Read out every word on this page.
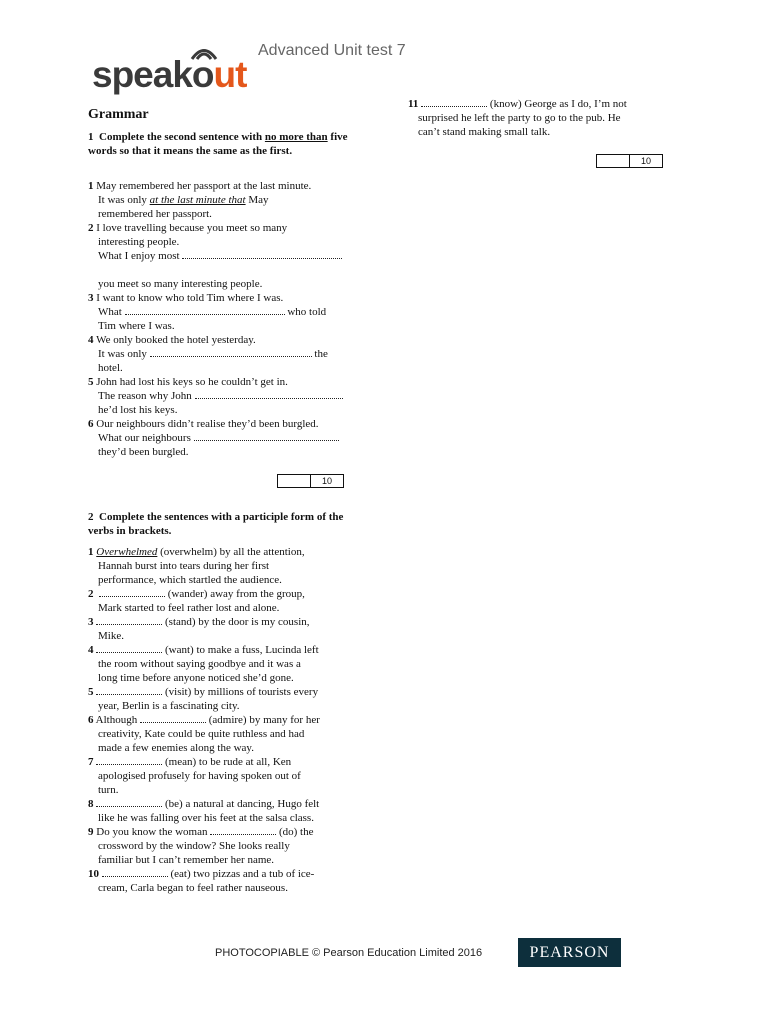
speakout
Advanced Unit test 7
Grammar
1 Complete the second sentence with no more than five words so that it means the same as the first.
1 May remembered her passport at the last minute.
It was only at the last minute that May
remembered her passport.
2 I love travelling because you meet so many
interesting people.
What I enjoy most
you meet so many interesting people.
3 I want to know who told Tim where I was.
What	who told
Tim where I was.
4 We only booked the hotel yesterday.
It was only	the
hotel.
5 John had lost his keys so he couldn’t get in.
The reason why John
he’d lost his keys.
6 Our neighbours didn’t realise they’d been burgled.
What our neighbours
they’d been burgled.
10
2 Complete the sentences with a participle form of the verbs in brackets.
1 Overwhelmed (overwhelm) by all the attention,
Hannah burst into tears during her first
performance, which startled the audience.
2	(wander) away from the group,
Mark started to feel rather lost and alone.
3	(stand) by the door is my cousin,
Mike.
4	(want) to make a fuss, Lucinda left
the room without saying goodbye and it was a
long time before anyone noticed she’d gone.
5	(visit) by millions of tourists every
year, Berlin is a fascinating city.
6 Although	(admire) by many for her
creativity, Kate could be quite ruthless and had
made a few enemies along the way.
7	(mean) to be rude at all, Ken
apologised profusely for having spoken out of
turn.
8	(be) a natural at dancing, Hugo felt
like he was falling over his feet at the salsa class.
9 Do you know the woman	(do) the
crossword by the window? She looks really
familiar but I can’t remember her name.
10	(eat) two pizzas and a tub of ice-
cream, Carla began to feel rather nauseous.
11	(know) George as I do, I’m not
surprised he left the party to go to the pub. He
can’t stand making small talk.
10
PHOTOCOPIABLE © Pearson Education Limited 2016	PEARSON
